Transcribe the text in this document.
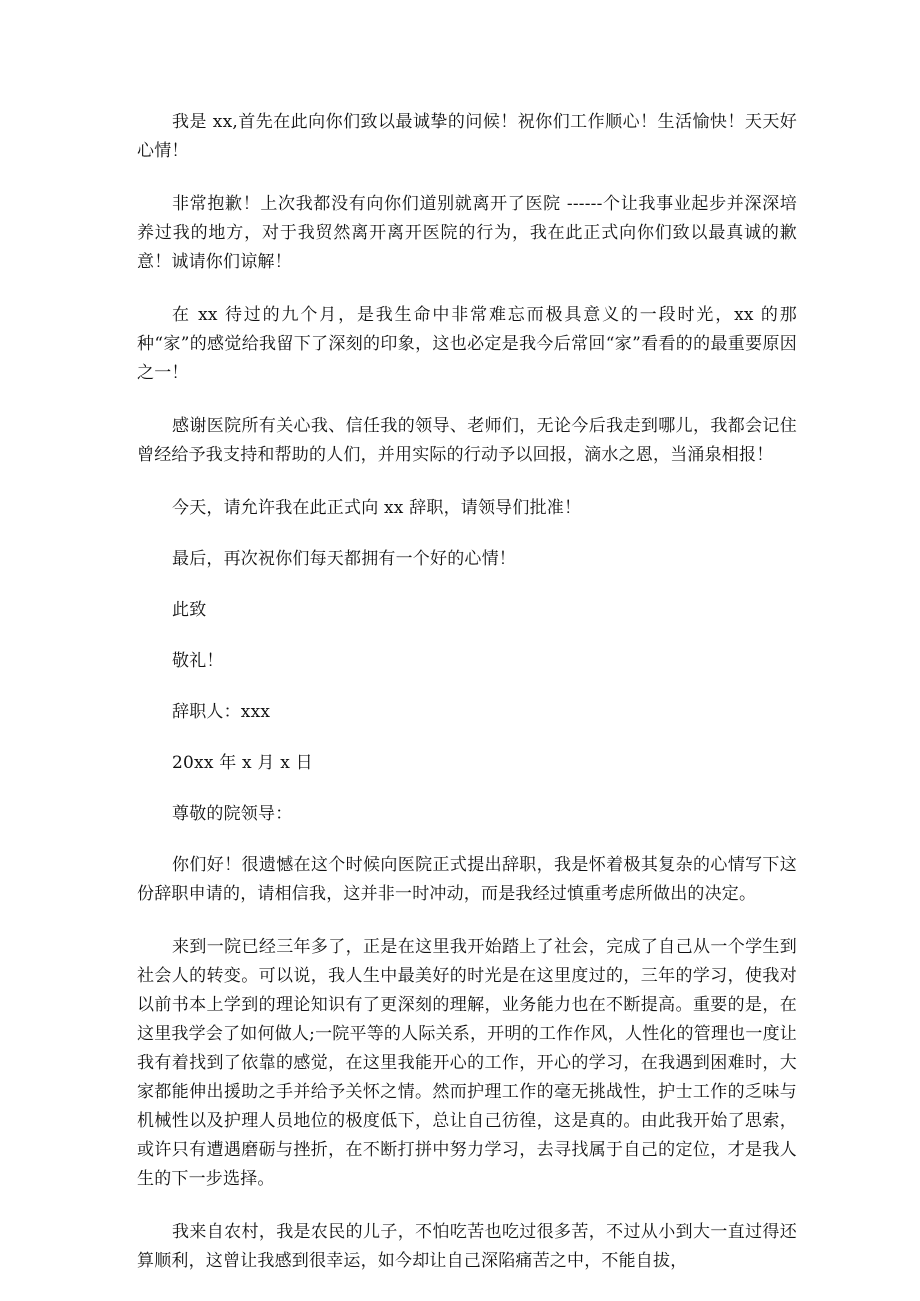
我是 xx,首先在此向你们致以最诚挚的问候！祝你们工作顺心！生活愉快！天天好心情！

非常抱歉！上次我都没有向你们道别就离开了医院 ------个让我事业起步并深深培养过我的地方，对于我贸然离开离开医院的行为，我在此正式向你们致以最真诚的歉意！诚请你们谅解！

在 xx 待过的九个月，是我生命中非常难忘而极具意义的一段时光，xx 的那种“家”的感觉给我留下了深刻的印象，这也必定是我今后常回“家”看看的的最重要原因之一！

感谢医院所有关心我、信任我的领导、老师们，无论今后我走到哪儿，我都会记住曾经给予我支持和帮助的人们，并用实际的行动予以回报，滴水之恩，当涌泉相报！

今天，请允许我在此正式向 xx 辞职，请领导们批准！

最后，再次祝你们每天都拥有一个好的心情！

此致

敬礼！

辞职人：xxx

20xx 年 x 月 x 日

尊敬的院领导：

你们好！很遗憾在这个时候向医院正式提出辞职，我是怀着极其复杂的心情写下这份辞职申请的，请相信我，这并非一时冲动，而是我经过慎重考虑所做出的决定。

来到一院已经三年多了，正是在这里我开始踏上了社会，完成了自己从一个学生到社会人的转变。可以说，我人生中最美好的时光是在这里度过的，三年的学习，使我对以前书本上学到的理论知识有了更深刻的理解，业务能力也在不断提高。重要的是，在这里我学会了如何做人;一院平等的人际关系，开明的工作作风，人性化的管理也一度让我有着找到了依靠的感觉，在这里我能开心的工作，开心的学习，在我遇到困难时，大家都能伸出援助之手并给予关怀之情。然而护理工作的毫无挑战性，护士工作的乏味与机械性以及护理人员地位的极度低下，总让自己彷徨，这是真的。由此我开始了思索，或许只有遭遇磨砺与挫折，在不断打拼中努力学习，去寻找属于自己的定位，才是我人生的下一步选择。

我来自农村，我是农民的儿子，不怕吃苦也吃过很多苦，不过从小到大一直过得还算顺利，这曾让我感到很幸运，如今却让自己深陷痛苦之中，不能自拔，
